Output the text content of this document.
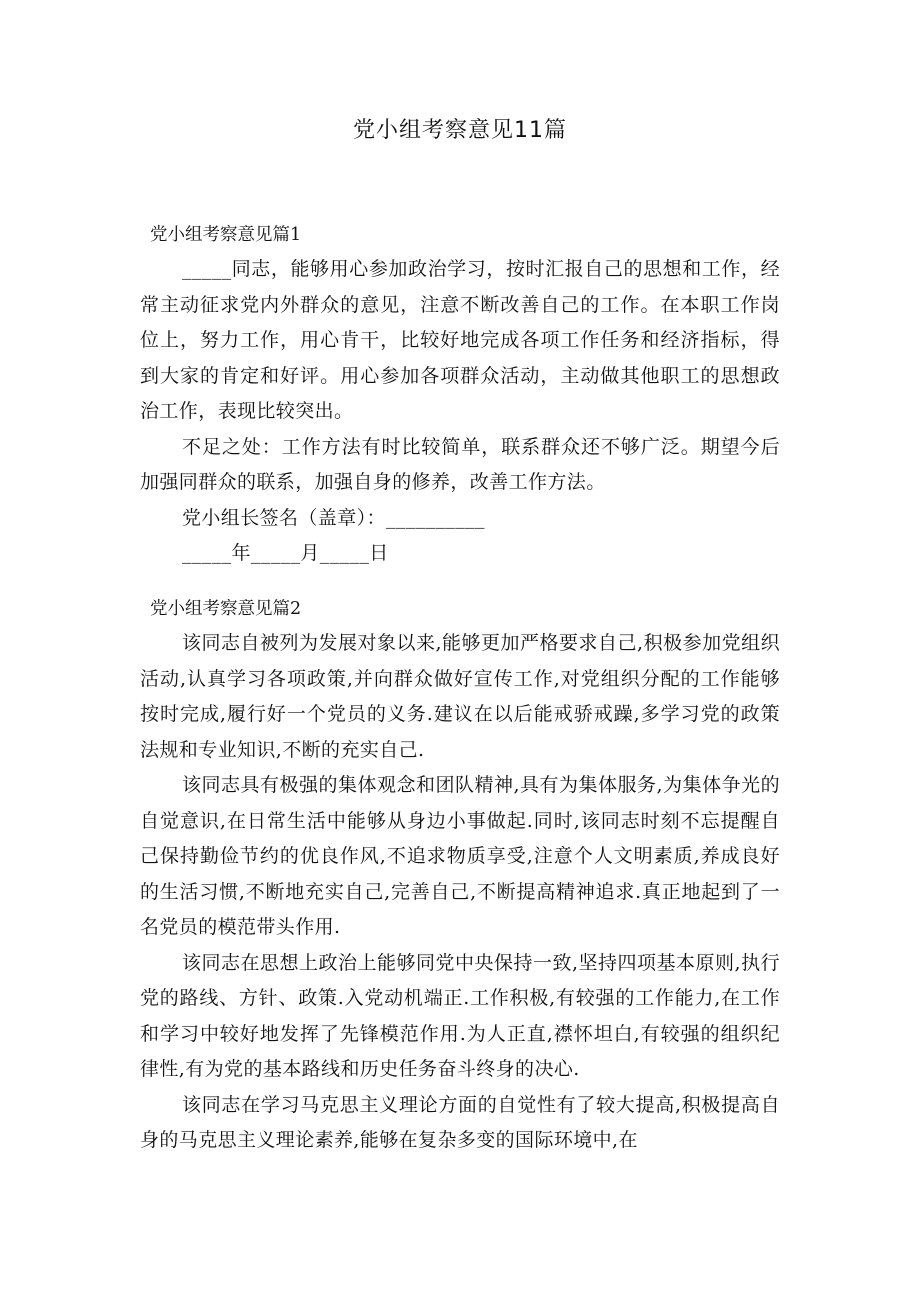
党小组考察意见11篇

党小组考察意见篇1

_____同志，能够用心参加政治学习，按时汇报自己的思想和工作，经常主动征求党内外群众的意见，注意不断改善自己的工作。在本职工作岗位上，努力工作，用心肯干，比较好地完成各项工作任务和经济指标，得到大家的肯定和好评。用心参加各项群众活动，主动做其他职工的思想政治工作，表现比较突出。

不足之处：工作方法有时比较简单，联系群众还不够广泛。期望今后加强同群众的联系，加强自身的修养，改善工作方法。

党小组长签名（盖章）：__________

_____年_____月_____日

党小组考察意见篇2

该同志自被列为发展对象以来,能够更加严格要求自己,积极参加党组织活动,认真学习各项政策,并向群众做好宣传工作,对党组织分配的工作能够按时完成,履行好一个党员的义务.建议在以后能戒骄戒躁,多学习党的政策法规和专业知识,不断的充实自己.

该同志具有极强的集体观念和团队精神,具有为集体服务,为集体争光的自觉意识,在日常生活中能够从身边小事做起.同时,该同志时刻不忘提醒自己保持勤俭节约的优良作风,不追求物质享受,注意个人文明素质,养成良好的生活习惯,不断地充实自己,完善自己,不断提高精神追求.真正地起到了一名党员的模范带头作用.

该同志在思想上政治上能够同党中央保持一致,坚持四项基本原则,执行党的路线、方针、政策.入党动机端正.工作积极,有较强的工作能力,在工作和学习中较好地发挥了先锋模范作用.为人正直,襟怀坦白,有较强的组织纪律性,有为党的基本路线和历史任务奋斗终身的决心.

该同志在学习马克思主义理论方面的自觉性有了较大提高,积极提高自身的马克思主义理论素养,能够在复杂多变的国际环境中,在
